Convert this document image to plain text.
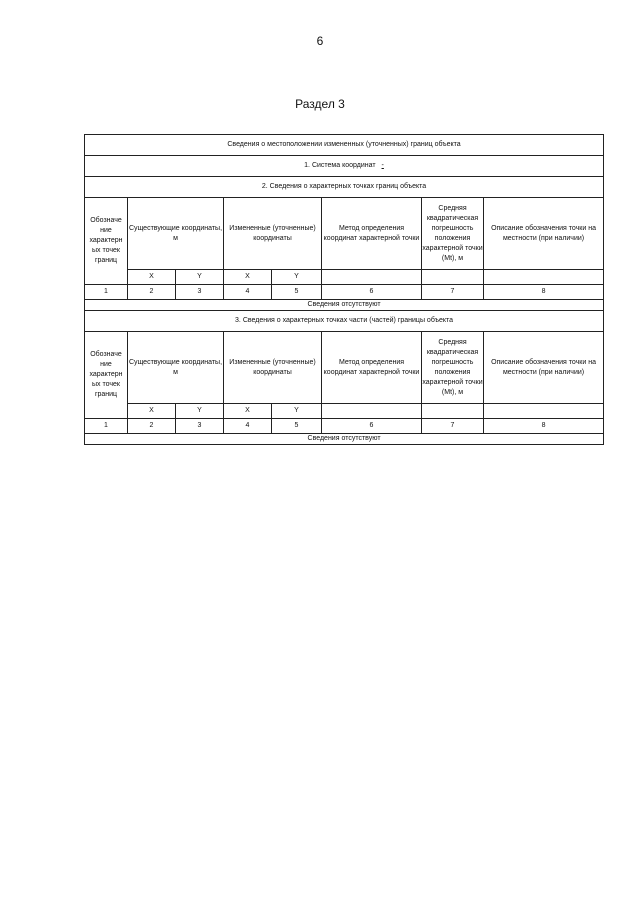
6
Раздел 3
Сведения о местоположении измененных (уточненных) границ объекта							
1. Система координат -							
2. Сведения о характерных точках границ объекта							
Обозначе ние характерн ых точек границ	Существующие координаты, м		Измененные (уточненные) координаты		Метод определения координат характерной точки	Средняя квадратическая погрешность положения характерной точки (Mt), м	Описание обозначения точки на местности (при наличии)
	X	Y	X	Y			
1	2	3	4	5	6	7	8
Сведения отсутствуют							
3. Сведения о характерных точках части (частей) границы объекта							
Обозначе ние характерн ых точек границ	Существующие координаты, м		Измененные (уточненные) координаты		Метод определения координат характерной точки	Средняя квадратическая погрешность положения характерной точки (Mt), м	Описание обозначения точки на местности (при наличии)
	X	Y	X	Y			
1	2	3	4	5	6	7	8
Сведения отсутствуют							
